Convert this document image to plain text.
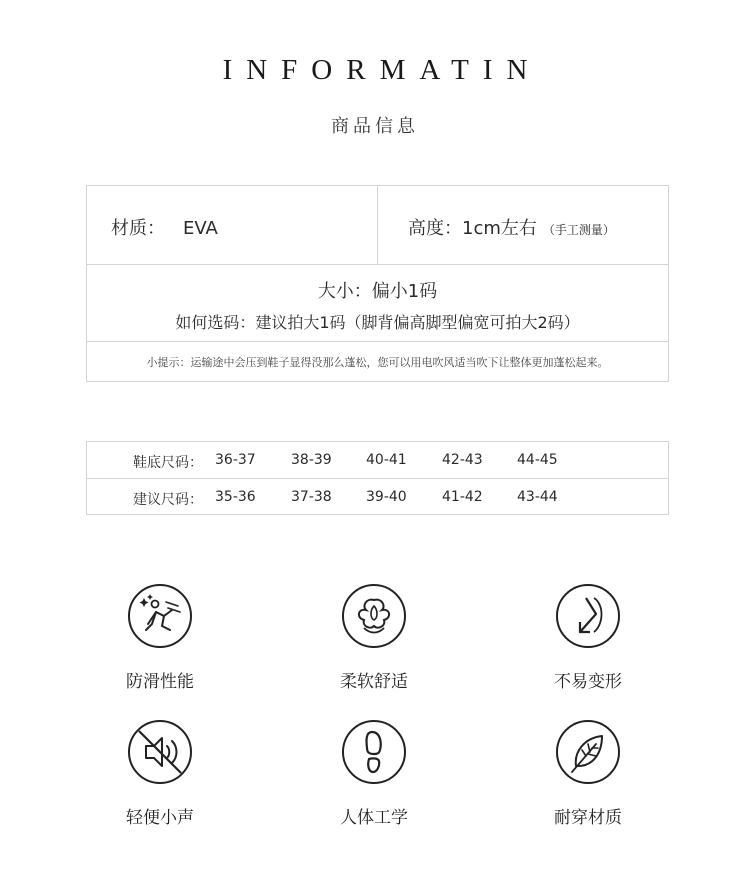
INFORMATIN
商品信息
材质： EVA	高度：1cm左右 （手工测量）
大小：偏小1码
如何选码：建议拍大1码（脚背偏高脚型偏宽可拍大2码）
小提示：运输途中会压到鞋子显得没那么蓬松，您可以用电吹风适当吹下让整体更加蓬松起来。
鞋底尺码： 36-37	38-39 40-41	42-43 44-45
建议尺码： 35-36	37-38 39-40	41-42 43-44
防滑性能	柔软舒适	不易变形
轻便小声	人体工学	耐穿材质
